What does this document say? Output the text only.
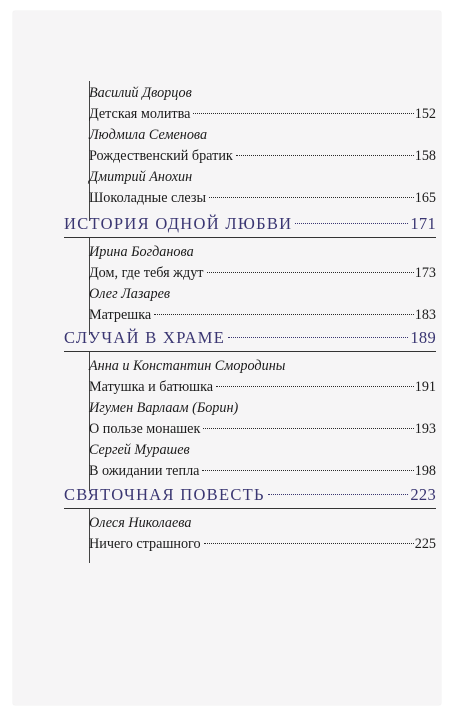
Василий Дворцов
Детская молитва	152
Людмила Семенова
Рождественский братик	158
Дмитрий Анохин
Шоколадные слезы	165
ИСТОРИЯ ОДНОЙ ЛЮБВИ	171
Ирина Богданова
Дом, где тебя ждут	173
Олег Лазарев
Матрешка	183
СЛУЧАЙ В ХРАМЕ	189
Анна и Константин Смородины
Матушка и батюшка	191
Игумен Варлаам (Борин)
О пользе монашек	193
Сергей Мурашев
В ожидании тепла	198
СВЯТОЧНАЯ ПОВЕСТЬ	223
Олеся Николаева
Ничего страшного	225
